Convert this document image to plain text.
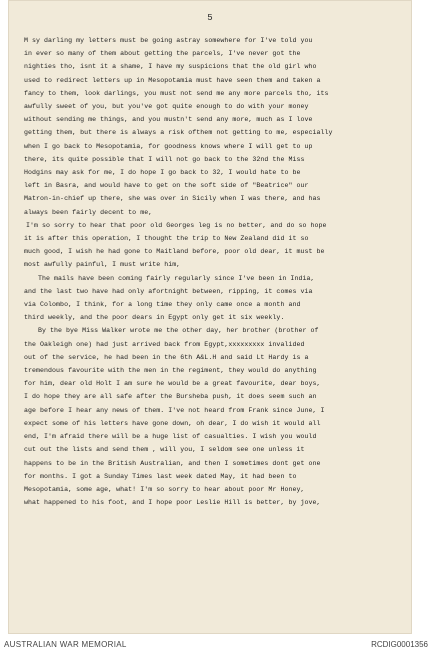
5
M sy darling my letters must be going astray somewhere for I've told you
in ever so many of them about getting the parcels, I've never got the
nighties tho, isnt it a shame, I have my suspicions that the old girl who
used to redirect letters up in Mesopotamia must have seen them and taken a
fancy to them, look darlings, you must not send me any more parcels tho, its
awfully sweet of you, but you've got quite enough to do with your money
without sending me things, and you mustn't send any more, much as I love
getting them, but there is always a risk ofthem not getting to me, especially
when I go back to Mesopotamia, for goodness knows where I will get to up
there, its quite possible that I will not go back to the 32nd the Miss
Hodgins may ask for me, I do hope I go back to 32, I would hate to be
left in Basra, and would have to get on the soft side of "Beatrice" our
Matron-in-chief up there, she was over in Sicily when I was there, and has
always been fairly decent to me,
I'm so sorry to hear that poor old Georges leg is no better, and do so hope
it is after this operation, I thought the trip to New Zealand did it so
much good, I wish he had gone to Maitland before, poor old dear, it must be
most awfully painful, I must write him,
The mails have been coming fairly regularly since I've been in India,
and the last two have had only afortnight between, ripping, it comes via
via Colombo, I think, for a long time they only came once a month and
third weekly, and the poor dears in Egypt only get it six weekly.
By the bye Miss Walker wrote me the other day, her brother (brother of
the Oakleigh one) had just arrived back from Egypt,xxxxxxxxx invalided
out of the service, he had been in the 6th A&L.H and said Lt Hardy is a
tremendous favourite with the men in the regiment, they would do anything
for him, dear old Holt I am sure he would be a great favourite, dear boys,
I do hope they are all safe after the Bursheba push, it does seem such an
age before I hear any news of them. I've not heard from Frank since June, I
expect some of his letters have gone down, oh dear, I do wish it would all
end, I'm afraid there will be a huge list of casualties. I wish you would
cut out the lists and send them , will you, I seldom see one unless it
happens to be in the British Australian, and then I sometimes dont get one
for months. I got a Sunday Times last week dated May, it had been to
Mesopotamia, some age, what! I'm so sorry to hear about poor Mr Honey,
what happened to his foot, and I hope poor Leslie Hill is better, by jove,
AUSTRALIAN WAR MEMORIAL	RCDIG0001356
